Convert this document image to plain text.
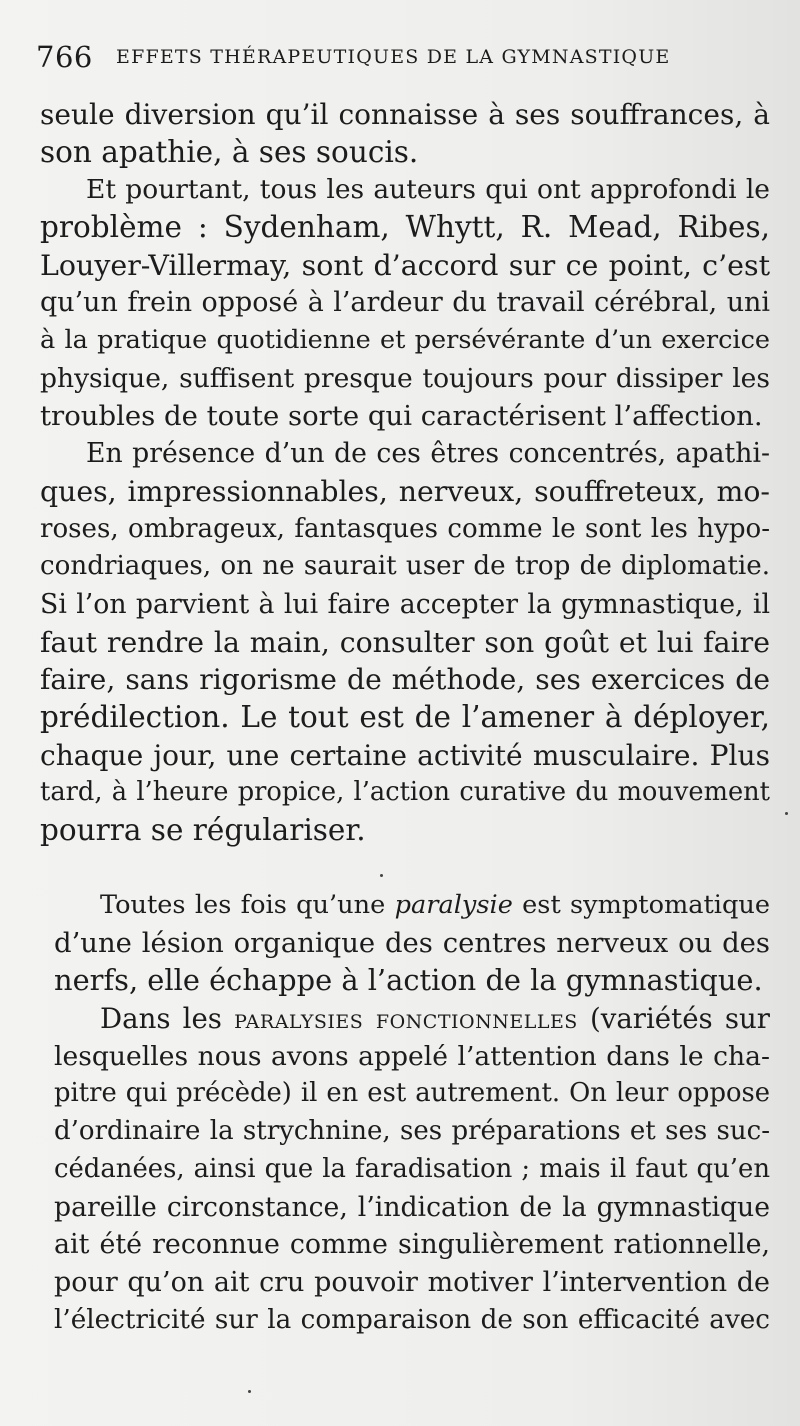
766 EFFETS THÉRAPEUTIQUES DE LA GYMNASTIQUE
seule diversion qu’il connaisse à ses souffrances, à
son apathie, à ses soucis.
Et pourtant, tous les auteurs qui ont approfondi le
problème : Sydenham, Whytt, R. Mead, Ribes,
Louyer-Villermay, sont d’accord sur ce point, c’est
qu’un frein opposé à l’ardeur du travail cérébral, uni
à la pratique quotidienne et persévérante d’un exercice
physique, suffisent presque toujours pour dissiper les
troubles de toute sorte qui caractérisent l’affection.
En présence d’un de ces êtres concentrés, apathi-
ques, impressionnables, nerveux, souffreteux, mo-
roses, ombrageux, fantasques comme le sont les hypo-
condriaques, on ne saurait user de trop de diplomatie.
Si l’on parvient à lui faire accepter la gymnastique, il
faut rendre la main, consulter son goût et lui faire
faire, sans rigorisme de méthode, ses exercices de
prédilection. Le tout est de l’amener à déployer,
chaque jour, une certaine activité musculaire. Plus
tard, à l’heure propice, l’action curative du mouvement
pourra se régulariser.
Toutes les fois qu’une paralysie est symptomatique
d’une lésion organique des centres nerveux ou des
nerfs, elle échappe à l’action de la gymnastique.
Dans les paralysies fonctionnelles (variétés sur
lesquelles nous avons appelé l’attention dans le cha-
pitre qui précède) il en est autrement. On leur oppose
d’ordinaire la strychnine, ses préparations et ses suc-
cédanées, ainsi que la faradisation ; mais il faut qu’en
pareille circonstance, l’indication de la gymnastique
ait été reconnue comme singulièrement rationnelle,
pour qu’on ait cru pouvoir motiver l’intervention de
l’électricité sur la comparaison de son efficacité avec
